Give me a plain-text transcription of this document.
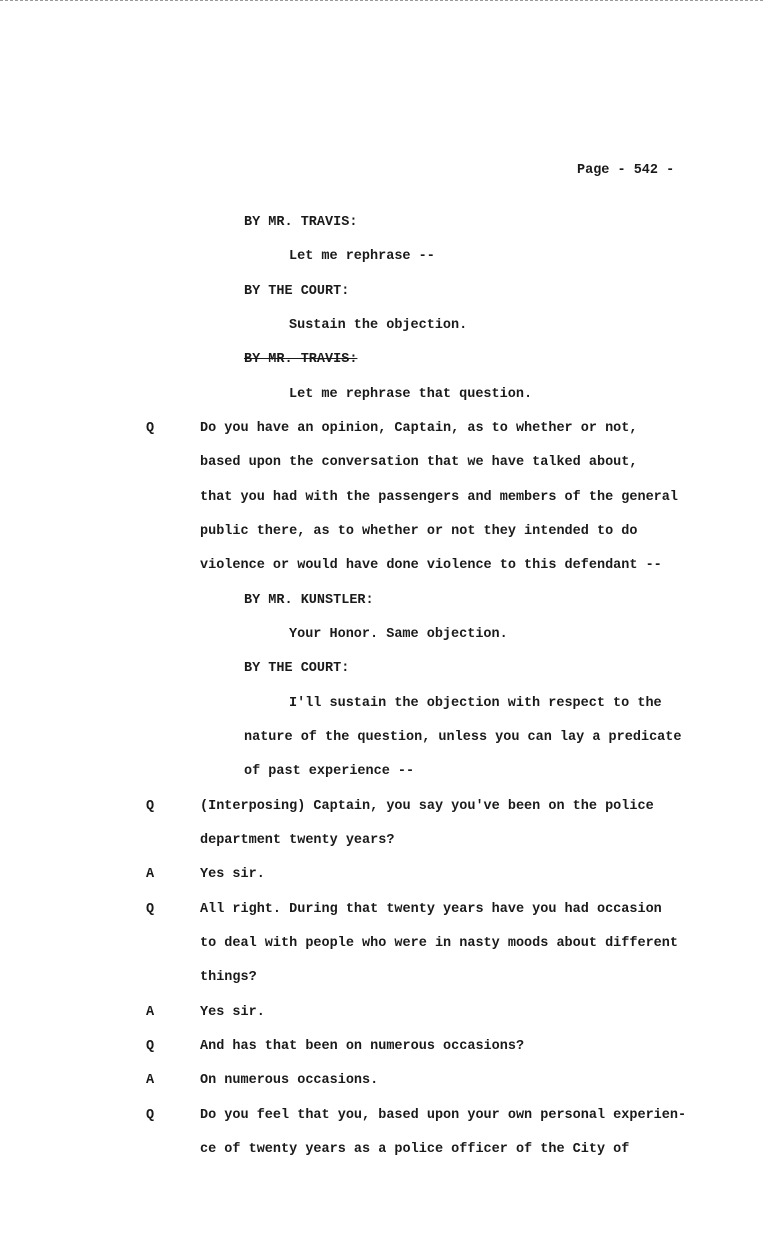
Page - 542 -
BY MR. TRAVIS:
Let me rephrase --
BY THE COURT:
Sustain the objection.
BY MR. TRAVIS:
Let me rephrase that question.
Q	Do you have an opinion, Captain, as to whether or not,
based upon the conversation that we have talked about,
that you had with the passengers and members of the general
public there, as to whether or not they intended to do
violence or would have done violence to this defendant --
BY MR. KUNSTLER:
Your Honor. Same objection.
BY THE COURT:
I'll sustain the objection with respect to the
nature of the question, unless you can lay a predicate
of past experience --
Q	(Interposing) Captain, you say you've been on the police
department twenty years?
A	Yes sir.
Q	All right. During that twenty years have you had occasion
to deal with people who were in nasty moods about different
things?
A	Yes sir.
Q	And has that been on numerous occasions?
A	On numerous occasions.
Q	Do you feel that you, based upon your own personal experien-
ce of twenty years as a police officer of the City of
